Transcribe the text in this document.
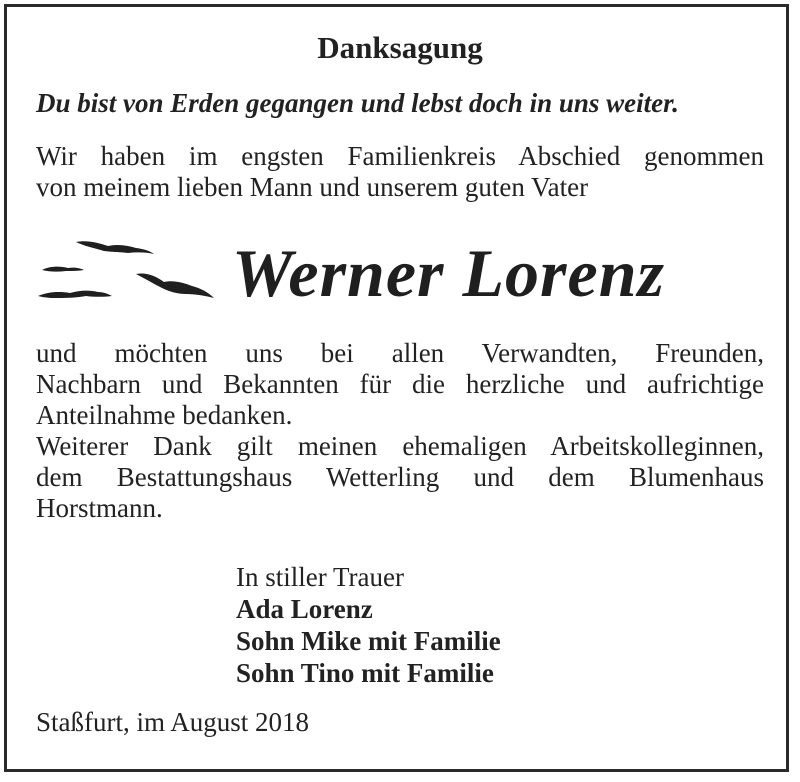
Danksagung
Du bist von Erden gegangen und lebst doch in uns weiter.
Wir haben im engsten Familienkreis Abschied genommen
von meinem lieben Mann und unserem guten Vater
Werner Lorenz
und möchten uns bei allen Verwandten, Freunden,
Nachbarn und Bekannten für die herzliche und aufrichtige
Anteilnahme bedanken.
Weiterer Dank gilt meinen ehemaligen Arbeitskolleginnen,
dem Bestattungshaus Wetterling und dem Blumenhaus
Horstmann.
In stiller Trauer
Ada Lorenz
Sohn Mike mit Familie
Sohn Tino mit Familie
Staßfurt, im August 2018
